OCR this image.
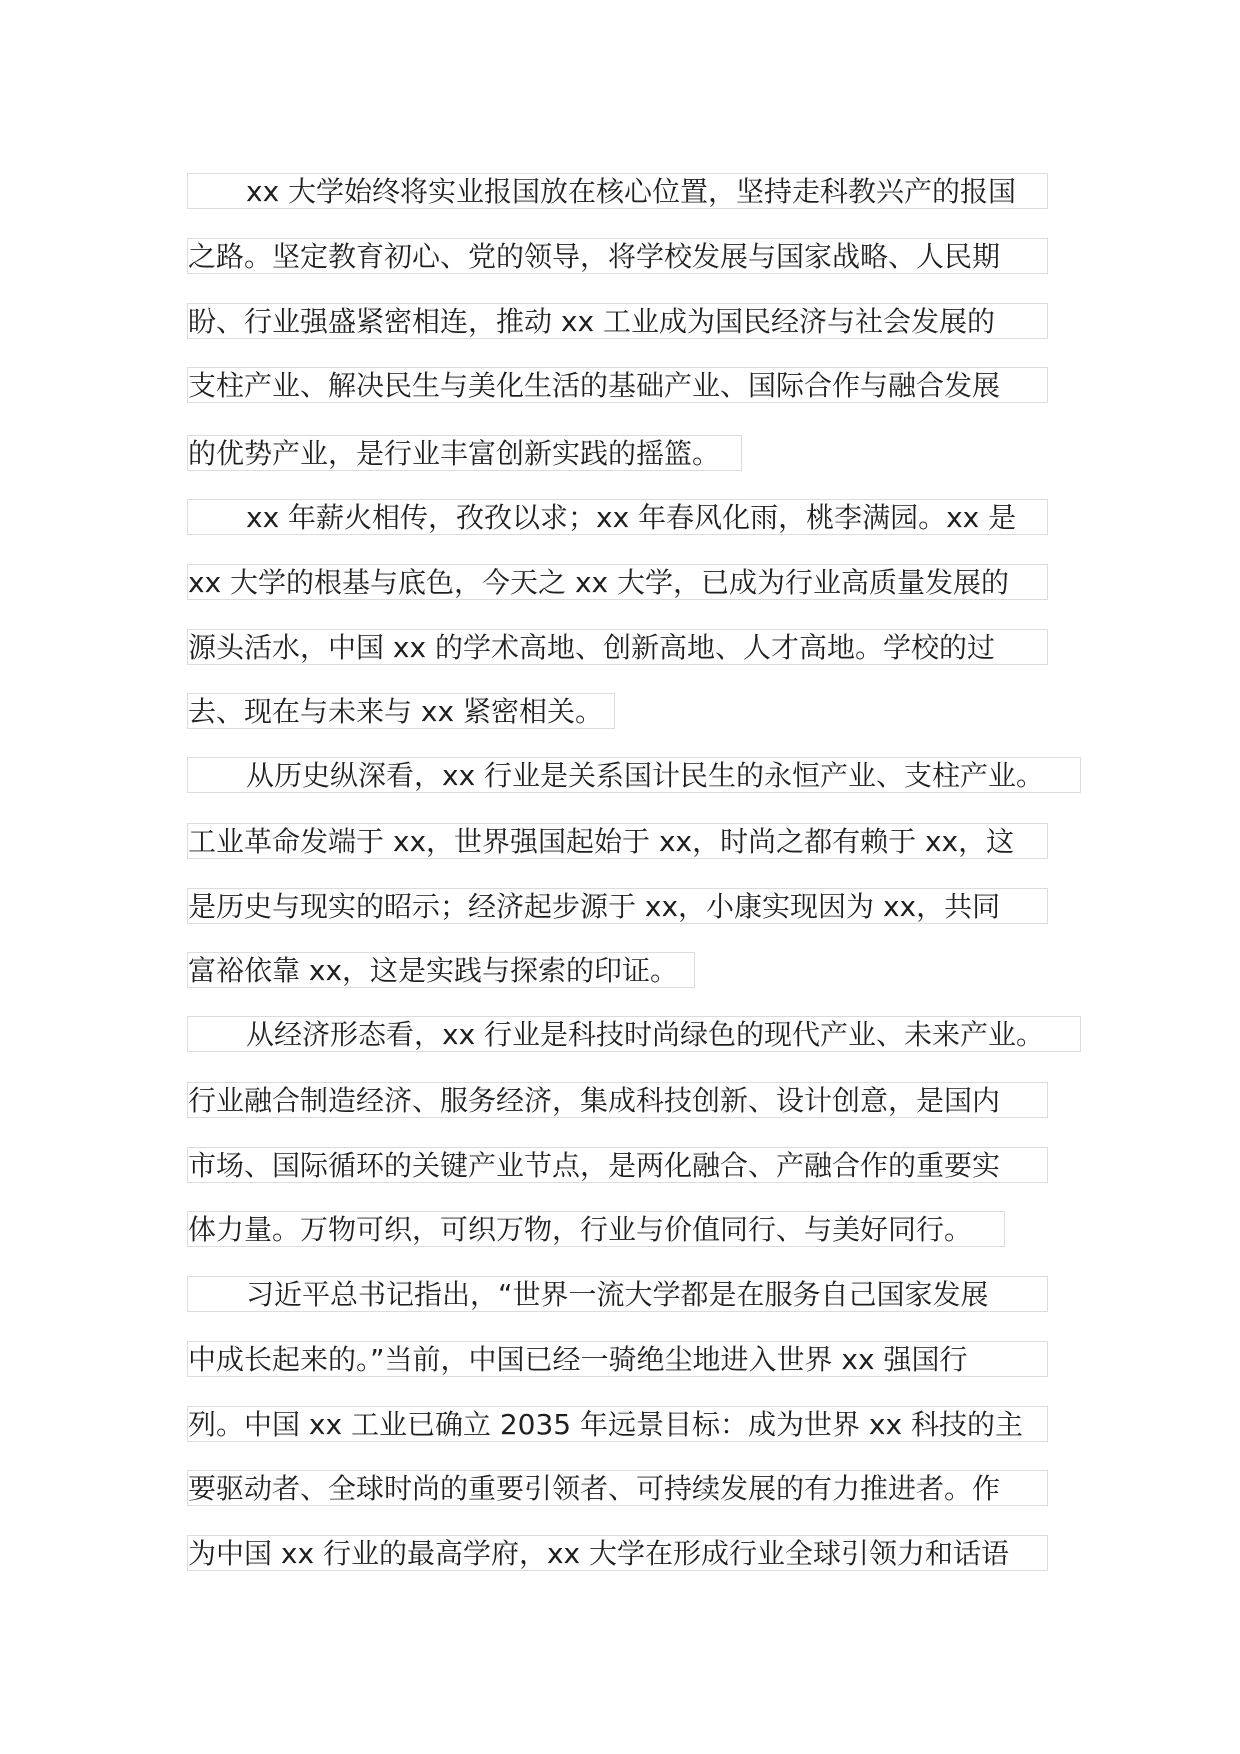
xx 大学始终将实业报国放在核心位置，坚持走科教兴产的报国
之路。坚定教育初心、党的领导，将学校发展与国家战略、人民期
盼、行业强盛紧密相连，推动 xx 工业成为国民经济与社会发展的
支柱产业、解决民生与美化生活的基础产业、国际合作与融合发展
的优势产业，是行业丰富创新实践的摇篮。
xx 年薪火相传，孜孜以求；xx 年春风化雨，桃李满园。xx 是
xx 大学的根基与底色，今天之 xx 大学，已成为行业高质量发展的
源头活水，中国 xx 的学术高地、创新高地、人才高地。学校的过
去、现在与未来与 xx 紧密相关。
从历史纵深看，xx 行业是关系国计民生的永恒产业、支柱产业。
工业革命发端于 xx，世界强国起始于 xx，时尚之都有赖于 xx，这
是历史与现实的昭示；经济起步源于 xx，小康实现因为 xx，共同
富裕依靠 xx，这是实践与探索的印证。
从经济形态看，xx 行业是科技时尚绿色的现代产业、未来产业。
行业融合制造经济、服务经济，集成科技创新、设计创意，是国内
市场、国际循环的关键产业节点，是两化融合、产融合作的重要实
体力量。万物可织，可织万物，行业与价值同行、与美好同行。
习近平总书记指出，“世界一流大学都是在服务自己国家发展
中成长起来的。”当前，中国已经一骑绝尘地进入世界 xx 强国行
列。中国 xx 工业已确立 2035 年远景目标：成为世界 xx 科技的主
要驱动者、全球时尚的重要引领者、可持续发展的有力推进者。作
为中国 xx 行业的最高学府，xx 大学在形成行业全球引领力和话语
